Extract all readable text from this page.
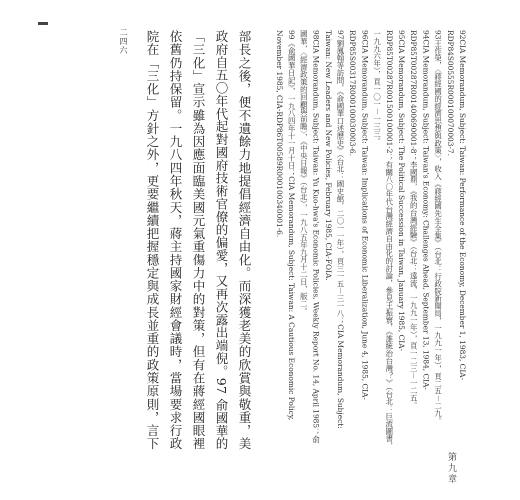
二四六	部長之後，便不遺餘力地提倡經濟自由化。而深獲老美的欣賞與敬重，美政府自五〇年代起對國府技術官僚的偏愛，又再次露出端倪。97 俞國華的「三化」宣示雖為因應面臨美國元氣重傷力中的對策，但有在蔣經國眼裡依舊仍持保留。一九八四年秋天，蔣主持國家財經會議時，當場要求行政院在「三化」方針之外，更要繼續把握穩定與成長並重的政策原則，言下

92CIA Memorandum, Subject: Taiwan: Performance of the Economy, December 1, 1983, CIA-RDP84S00555R000100070003-7.

93王作榮，〈蔣經國的經濟思想與政策〉，收入《蔣經國先生全集》（台北：行政院新聞局，一九九一年），頁二五－二九。

94CIA Memorandum, Subject: Taiwan's Economy: Challenges Ahead, September 13, 1984, CIA-RDP85T00287R001400690001-8；李國鼎，《我的台灣經驗》（台北：遠流，一九九一年），頁一二三－一二五。

95CIA Memorandum, Subject: The Political Succession in Taiwan, January 1985, CIA-RDP85T00287R001500100001-2；有關八〇年代台灣經濟自由化的討論，參見王振寰，《誰統治台灣？》（台北：巨流圖書，一九九六年），頁一〇一－一三三。

96CIA Memorandum, Subject: Taiwan: Implications of Economic Liberalization, June 4, 1985, CIA-RDP85S00317R000100030003-6.

97劉鳳翰等訪問，《俞國華口述歷史》（台北：國史館，二〇一一年），頁三一五－三一八；CIA Memorandum, Subject: Taiwan: New Leaders and New Policies, February 1985, CIA-FOIA.

98CIA Memorandum, Subject: Taiwan: Yu Kuo-hwa's Economic Policies, Weekly Report No. 14, April 1985；俞國華，〈經濟政策的回顧與前瞻〉，《中央日報》（台北），一九八五年九月十二日，版二。

99《俞國華日記》，一九八四年十一月十日；CIA Memorandum, Subject: Taiwan: A Cautious Economic Policy, November 1985, CIA-RDP86T00589R000100340001-6.

第九章
